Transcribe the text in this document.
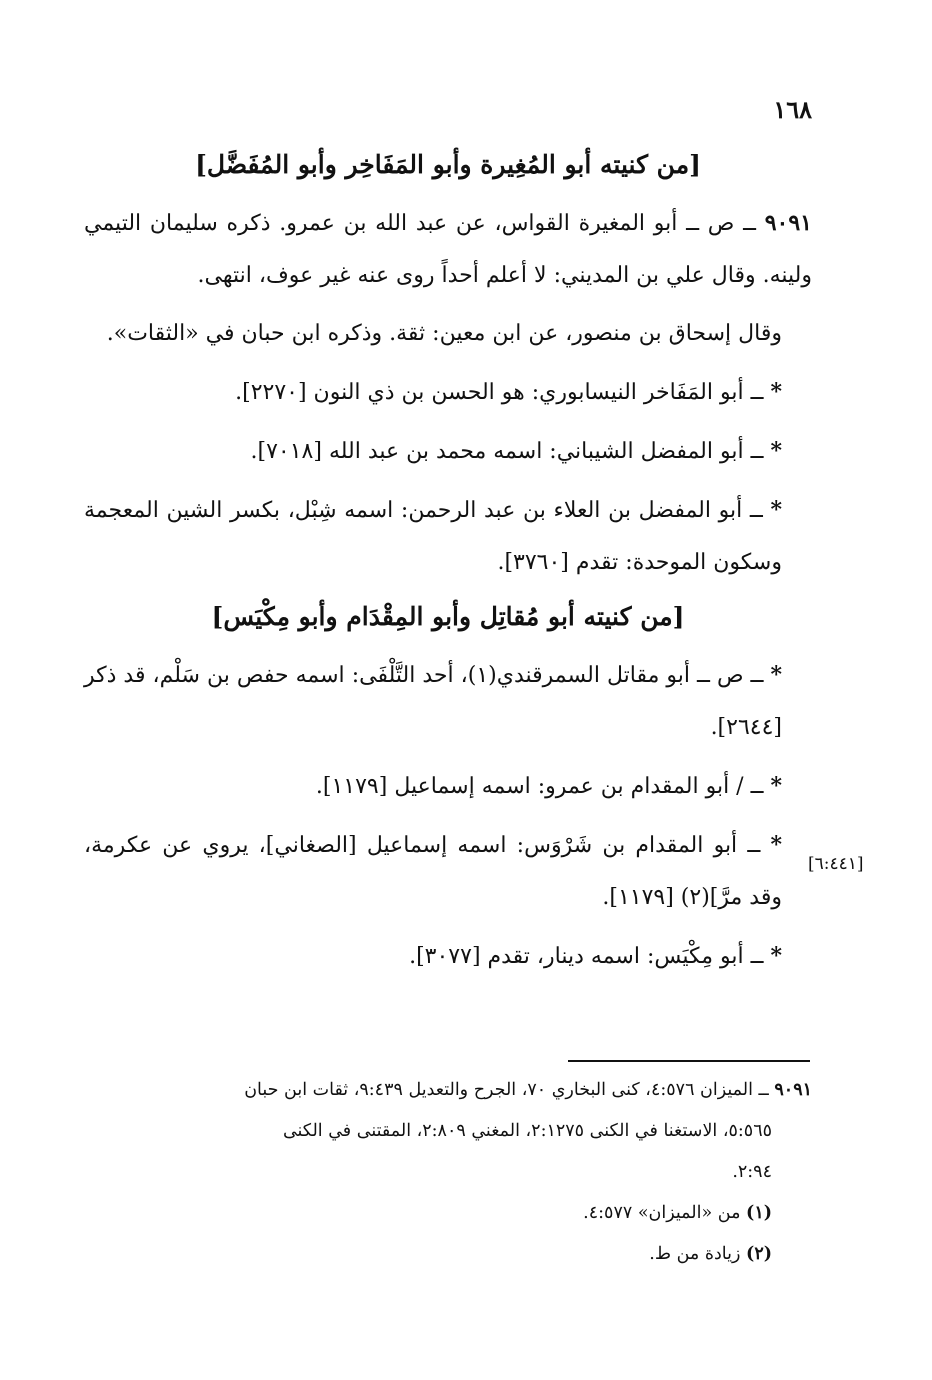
١٦٨
[من كنيته أبو المُغِيرة وأبو المَفَاخِر وأبو المُفَضَّل]

٩٠٩١ ــ ص ــ أبو المغيرة القواس، عن عبد الله بن عمرو. ذكره سليمان التيمي ولينه. وقال علي بن المديني: لا أعلم أحداً روى عنه غير عوف، انتهى.

وقال إسحاق بن منصور، عن ابن معين: ثقة. وذكره ابن حبان في «الثقات».

* ــ أبو المَفَاخر النيسابوري: هو الحسن بن ذي النون [٢٢٧٠].

* ــ أبو المفضل الشيباني: اسمه محمد بن عبد الله [٧٠١٨].

* ــ أبو المفضل بن العلاء بن عبد الرحمن: اسمه شِبْل، بكسر الشين المعجمة وسكون الموحدة: تقدم [٣٧٦٠].

[من كنيته أبو مُقاتِل وأبو المِقْدَام وأبو مِكْيَس]

* ــ ص ــ أبو مقاتل السمرقندي(١)، أحد التَّلْفَى: اسمه حفص بن سَلْم، قد ذكر [٢٦٤٤].

* ــ / أبو المقدام بن عمرو: اسمه إسماعيل [١١٧٩].

* ــ أبو المقدام بن شَرْوَس: اسمه إسماعيل [الصغاني]، يروي عن عكرمة، وقد مرَّ](٢) [١١٧٩].

* ــ أبو مِكْيَس: اسمه دينار، تقدم [٣٠٧٧].

[٦:٤٤١]
٩٠٩١ ــ الميزان ٤:٥٧٦، كنى البخاري ٧٠، الجرح والتعديل ٩:٤٣٩، ثقات ابن حبان
٥:٥٦٥، الاستغنا في الكنى ٢:١٢٧٥، المغني ٢:٨٠٩، المقتنى في الكنى
٢:٩٤.
(١) من «الميزان» ٤:٥٧٧.
(٢) زيادة من ط.
